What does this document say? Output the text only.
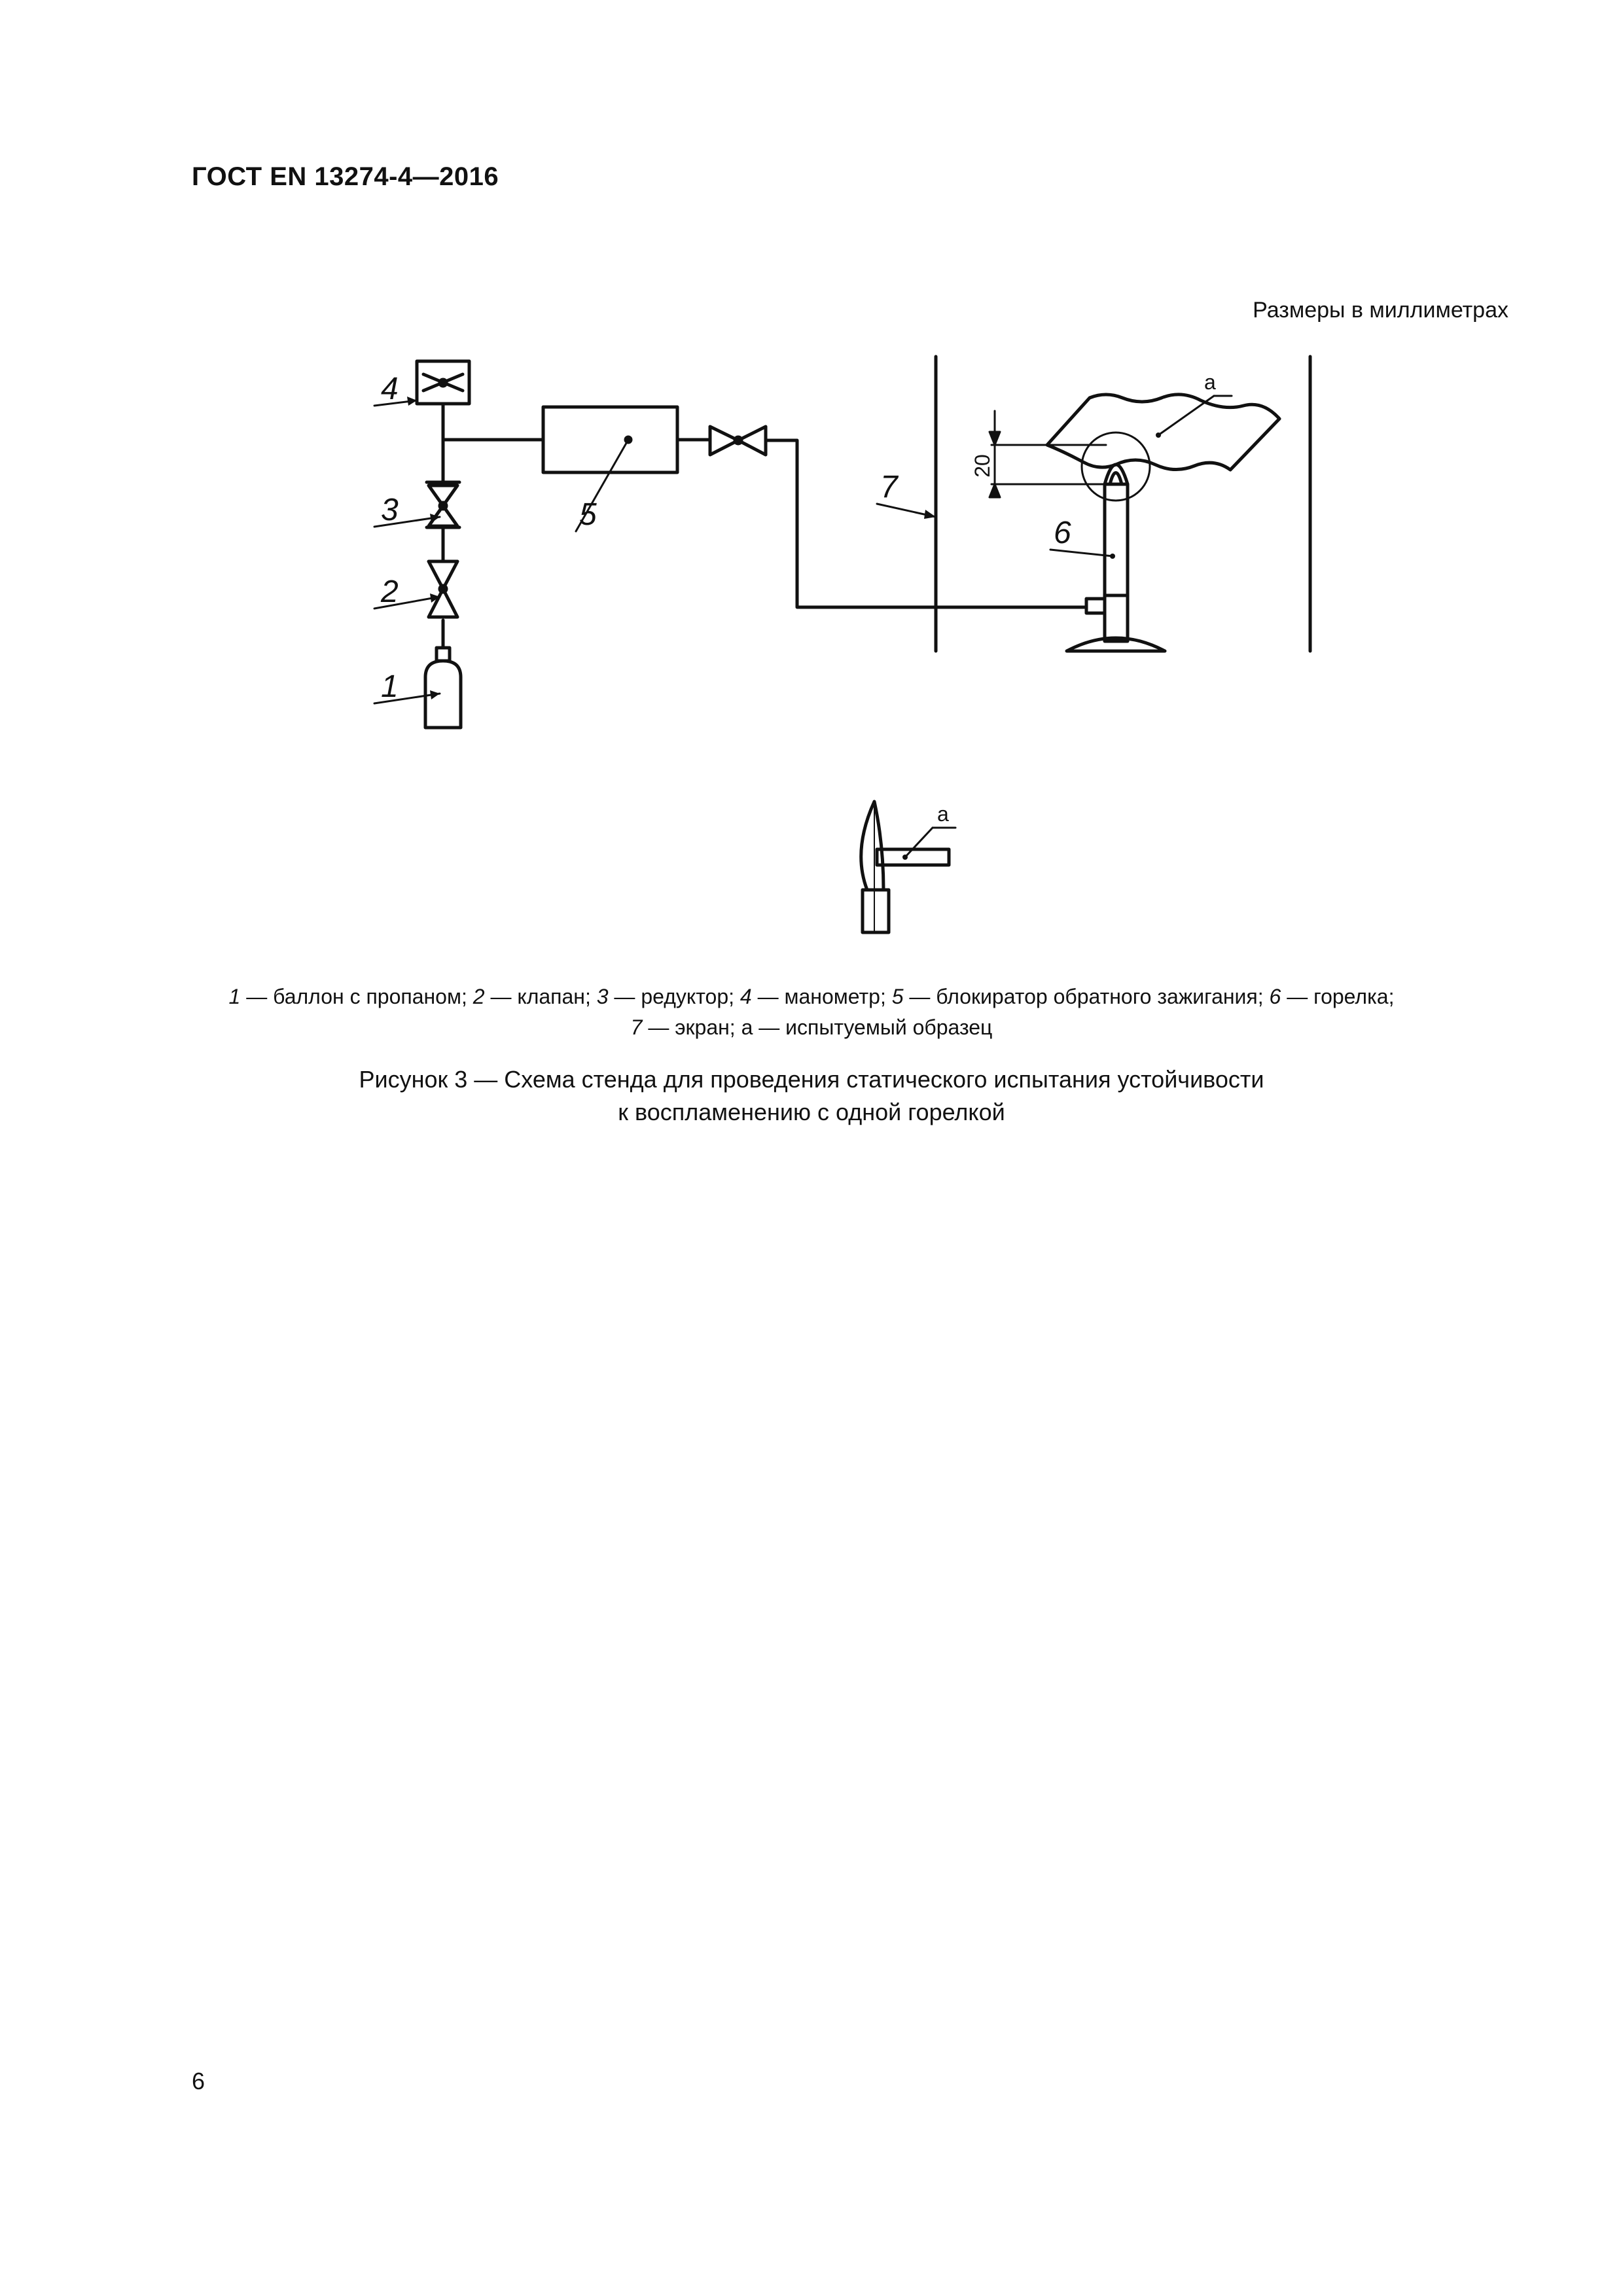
ГОСТ EN 13274-4—2016
Размеры в миллиметрах
4
3
2
1
5
7
6
a
a
20
1 — баллон с пропаном; 2 — клапан; 3 — редуктор; 4 — манометр; 5 — блокиратор обратного зажигания; 6 — горелка;
7 — экран; а — испытуемый образец
Рисунок 3 — Схема стенда для проведения статического испытания устойчивости
к воспламенению с одной горелкой
6
